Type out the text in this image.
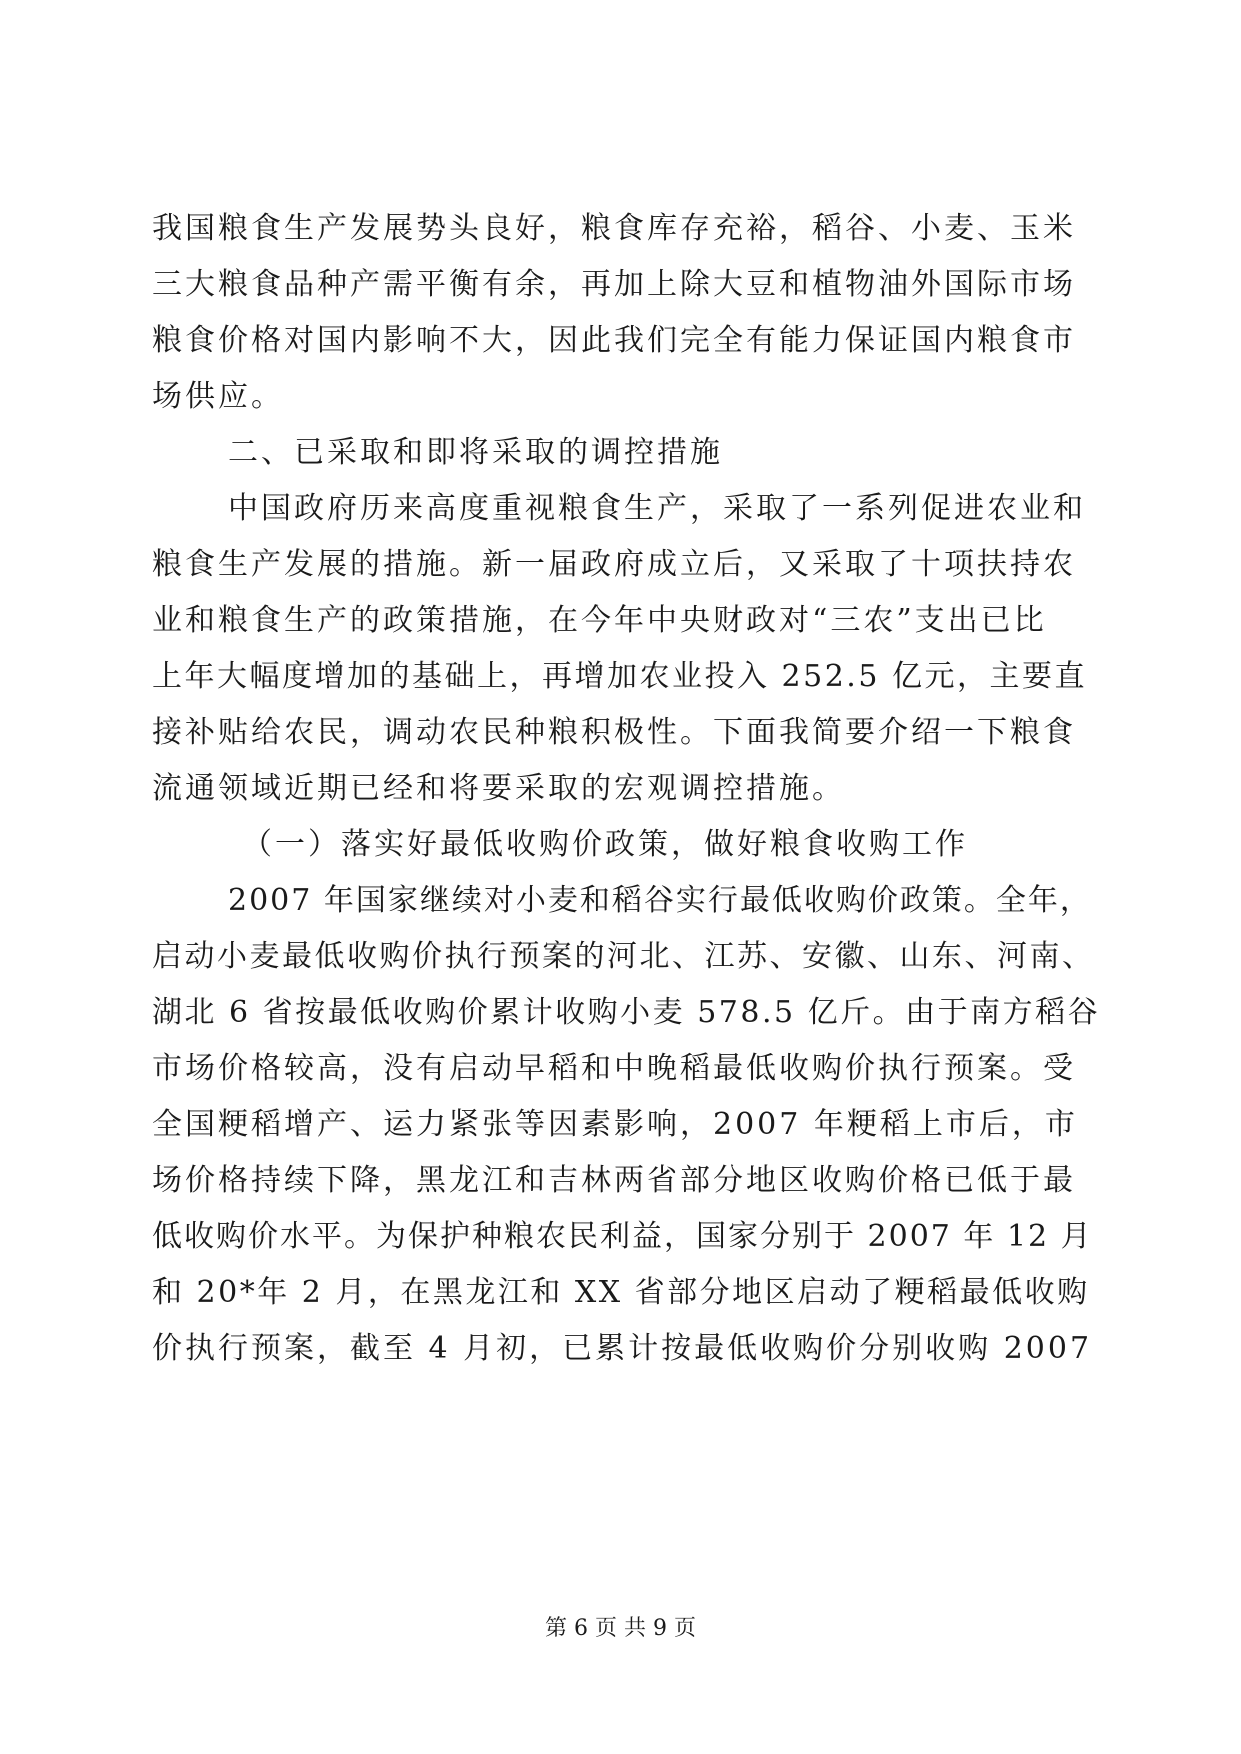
我国粮食生产发展势头良好，粮食库存充裕，稻谷、小麦、玉米
三大粮食品种产需平衡有余，再加上除大豆和植物油外国际市场
粮食价格对国内影响不大，因此我们完全有能力保证国内粮食市
场供应。
二、已采取和即将采取的调控措施
中国政府历来高度重视粮食生产，采取了一系列促进农业和
粮食生产发展的措施。新一届政府成立后，又采取了十项扶持农
业和粮食生产的政策措施，在今年中央财政对“三农”支出已比
上年大幅度增加的基础上，再增加农业投入 252.5 亿元，主要直
接补贴给农民，调动农民种粮积极性。下面我简要介绍一下粮食
流通领域近期已经和将要采取的宏观调控措施。
（一）落实好最低收购价政策，做好粮食收购工作
2007 年国家继续对小麦和稻谷实行最低收购价政策。全年，
启动小麦最低收购价执行预案的河北、江苏、安徽、山东、河南、
湖北 6 省按最低收购价累计收购小麦 578.5 亿斤。由于南方稻谷
市场价格较高，没有启动早稻和中晚稻最低收购价执行预案。受
全国粳稻增产、运力紧张等因素影响，2007 年粳稻上市后，市
场价格持续下降，黑龙江和吉林两省部分地区收购价格已低于最
低收购价水平。为保护种粮农民利益，国家分别于 2007 年 12 月
和 20*年 2 月，在黑龙江和 XX 省部分地区启动了粳稻最低收购
价执行预案，截至 4 月初，已累计按最低收购价分别收购 2007
第 6 页 共 9 页
